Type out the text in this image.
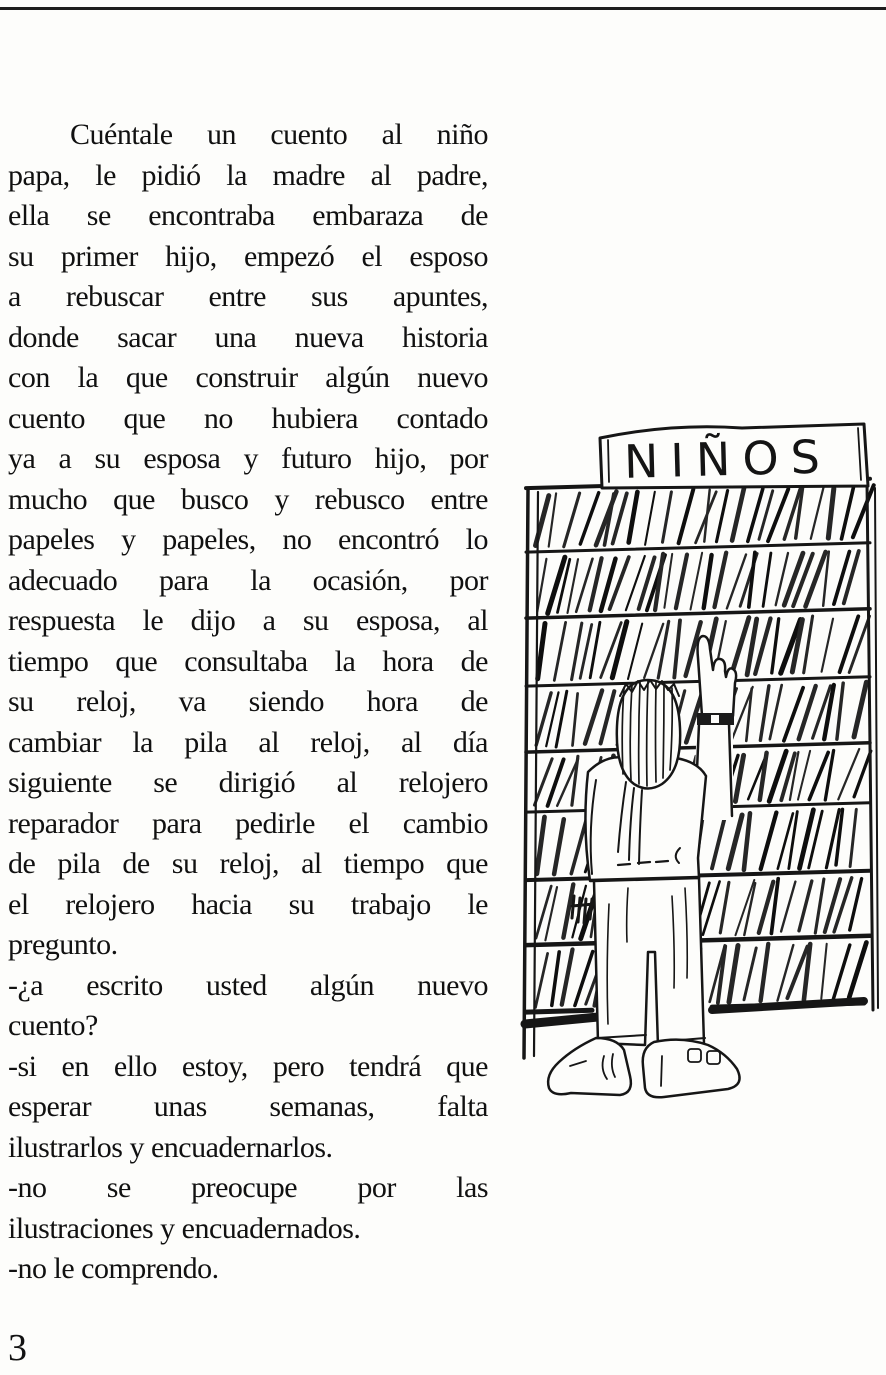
Cuéntale un cuento al niño
papa, le pidió la madre al padre,
ella se encontraba embaraza de
su primer hijo, empezó el esposo
a rebuscar entre sus apuntes,
donde sacar una nueva historia
con la que construir algún nuevo
cuento que no hubiera contado
ya a su esposa y futuro hijo, por
mucho que busco y rebusco entre
papeles y papeles, no encontró lo
adecuado para la ocasión, por
respuesta le dijo a su esposa, al
tiempo que consultaba la hora de
su reloj, va siendo hora de
cambiar la pila al reloj, al día
siguiente se dirigió al relojero
reparador para pedirle el cambio
de pila de su reloj, al tiempo que
el relojero hacia su trabajo le
pregunto.
-¿a escrito usted algún nuevo
cuento?
-si en ello estoy, pero tendrá que
esperar unas semanas, falta
ilustrarlos y encuadernarlos.
-no se preocupe por las
ilustraciones y encuadernados.
-no le comprendo.
NIÑOS
3
